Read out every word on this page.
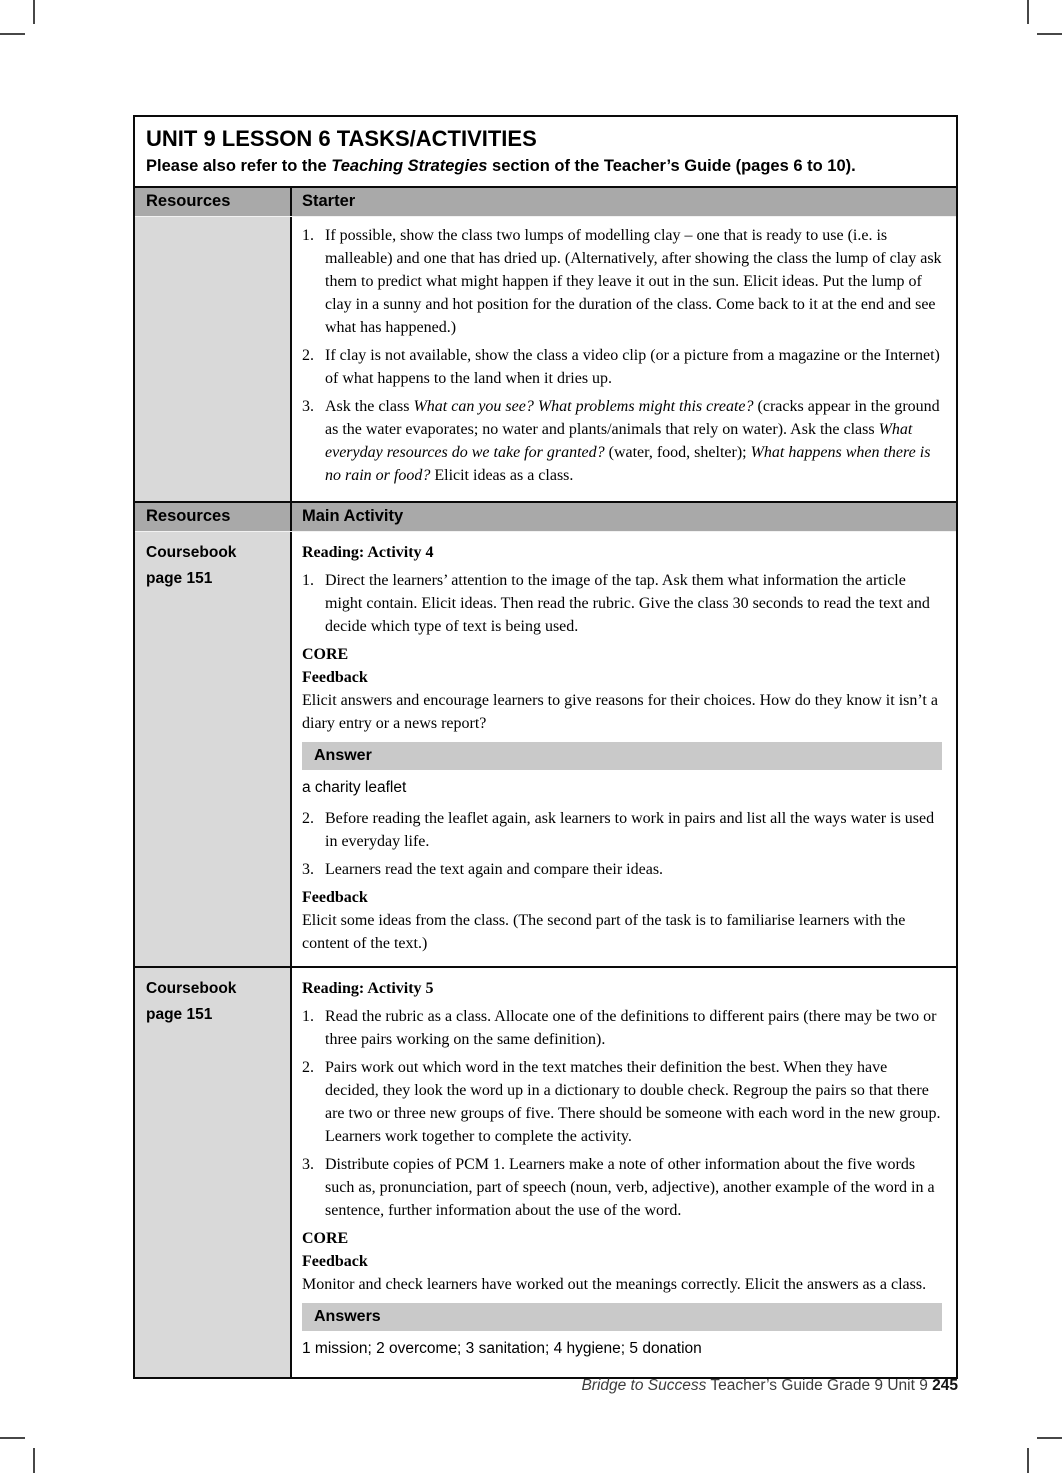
UNIT 9 LESSON 6 TASKS/ACTIVITIES
Please also refer to the Teaching Strategies section of the Teacher’s Guide (pages 6 to 10).
Resources	Starter
1. If possible, show the class two lumps of modelling clay – one that is ready to use (i.e. is malleable) and one that has dried up. (Alternatively, after showing the class the lump of clay ask them to predict what might happen if they leave it out in the sun. Elicit ideas. Put the lump of clay in a sunny and hot position for the duration of the class. Come back to it at the end and see what has happened.)
2. If clay is not available, show the class a video clip (or a picture from a magazine or the Internet) of what happens to the land when it dries up.
3. Ask the class What can you see? What problems might this create? (cracks appear in the ground as the water evaporates; no water and plants/animals that rely on water). Ask the class What everyday resources do we take for granted? (water, food, shelter); What happens when there is no rain or food? Elicit ideas as a class.
Resources	Main Activity
Coursebook
page 151
Reading: Activity 4
1. Direct the learners’ attention to the image of the tap. Ask them what information the article might contain. Elicit ideas. Then read the rubric. Give the class 30 seconds to read the text and decide which type of text is being used.
CORE
Feedback
Elicit answers and encourage learners to give reasons for their choices. How do they know it isn’t a diary entry or a news report?
Answer
a charity leaflet
2. Before reading the leaflet again, ask learners to work in pairs and list all the ways water is used in everyday life.
3. Learners read the text again and compare their ideas.
Feedback
Elicit some ideas from the class. (The second part of the task is to familiarise learners with the content of the text.)
Coursebook
page 151
Reading: Activity 5
1. Read the rubric as a class. Allocate one of the definitions to different pairs (there may be two or three pairs working on the same definition).
2. Pairs work out which word in the text matches their definition the best. When they have decided, they look the word up in a dictionary to double check. Regroup the pairs so that there are two or three new groups of five. There should be someone with each word in the new group. Learners work together to complete the activity.
3. Distribute copies of PCM 1. Learners make a note of other information about the five words such as, pronunciation, part of speech (noun, verb, adjective), another example of the word in a sentence, further information about the use of the word.
CORE
Feedback
Monitor and check learners have worked out the meanings correctly. Elicit the answers as a class.
Answers
1 mission; 2 overcome; 3 sanitation; 4 hygiene; 5 donation
Bridge to Success Teacher’s Guide Grade 9 Unit 9 245
